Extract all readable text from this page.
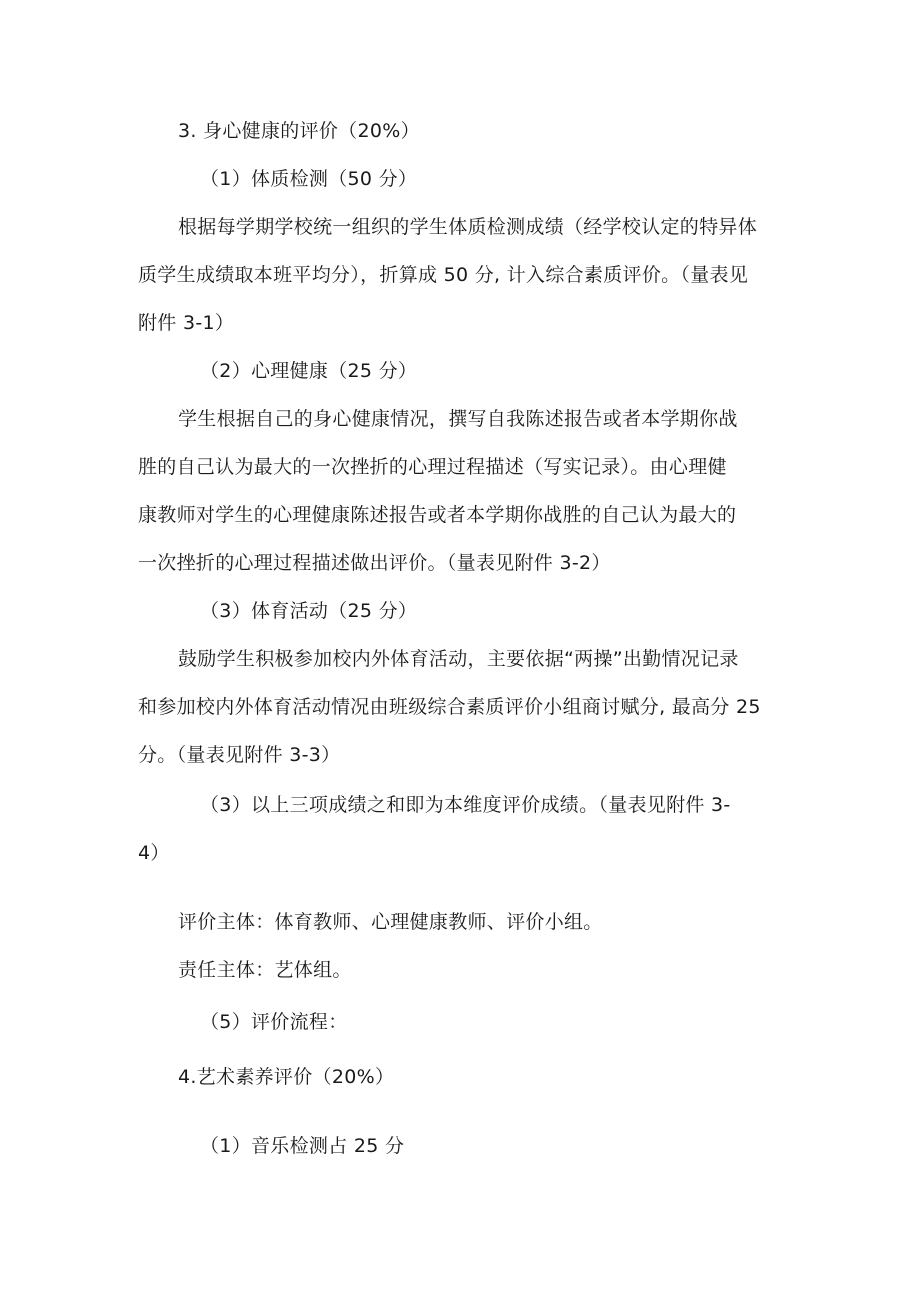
3. 身心健康的评价（20%）
（1）体质检测（50 分）
根据每学期学校统一组织的学生体质检测成绩（经学校认定的特异体
质学生成绩取本班平均分），折算成 50 分, 计入综合素质评价。（量表见
附件 3-1）
（2）心理健康（25 分）
学生根据自己的身心健康情况，撰写自我陈述报告或者本学期你战
胜的自己认为最大的一次挫折的心理过程描述（写实记录）。由心理健
康教师对学生的心理健康陈述报告或者本学期你战胜的自己认为最大的
一次挫折的心理过程描述做出评价。（量表见附件 3-2）
（3）体育活动（25 分）
鼓励学生积极参加校内外体育活动，主要依据“两操”出勤情况记录
和参加校内外体育活动情况由班级综合素质评价小组商讨赋分, 最高分 25
分。（量表见附件 3-3）
（3）以上三项成绩之和即为本维度评价成绩。（量表见附件 3-
4）
评价主体：体育教师、心理健康教师、评价小组。
责任主体：艺体组。
（5）评价流程：
4.艺术素养评价（20%）
（1）音乐检测占 25 分
